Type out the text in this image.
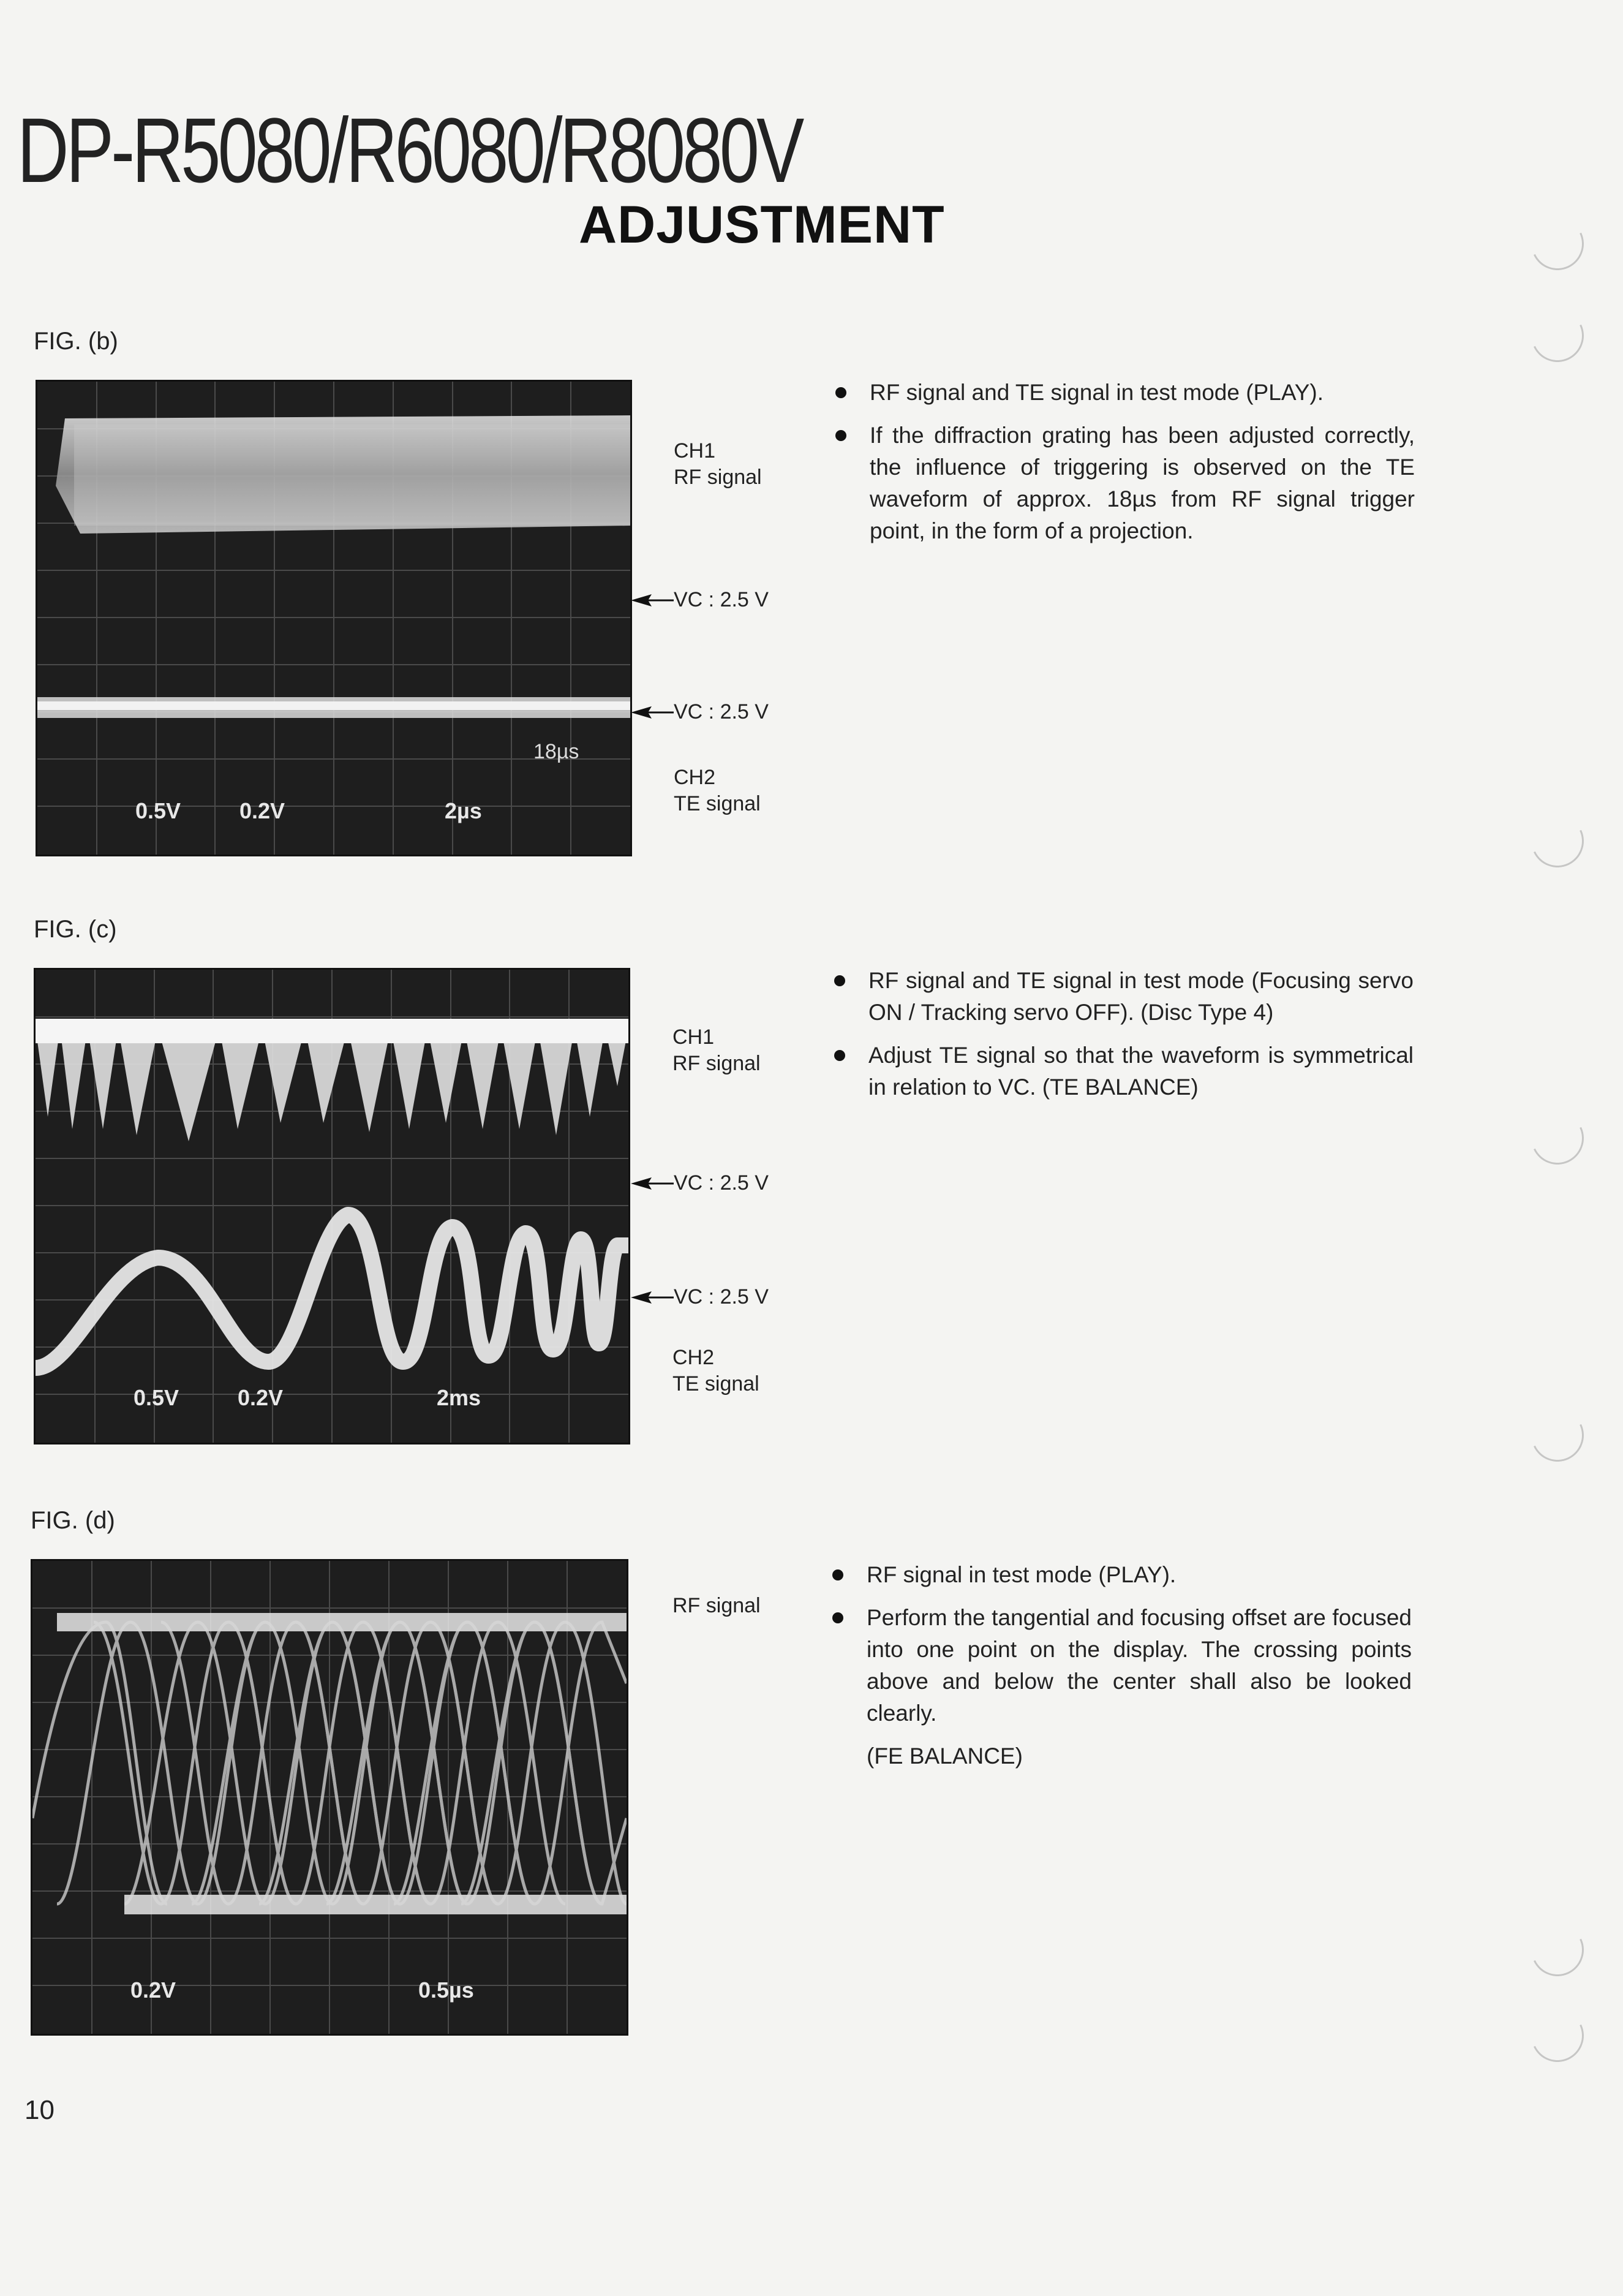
DP-R5080/R6080/R8080V
ADJUSTMENT
FIG. (b)
18µs
0.5V	0.2V	2µs
CH1
RF signal
VC : 2.5 V
VC : 2.5 V
CH2
TE signal
RF signal and TE signal in test mode (PLAY).
If the diffraction grating has been adjusted correctly, the influence of triggering is observed on the TE waveform of approx. 18µs from RF signal trigger point, in the form of a projection.
FIG. (c)
0.5V	0.2V	2ms
CH1
RF signal
VC : 2.5 V
VC : 2.5 V
CH2
TE signal
RF signal and TE signal in test mode (Focusing servo ON / Tracking servo OFF). (Disc Type 4)
Adjust TE signal so that the waveform is symmetrical in relation to VC. (TE BALANCE)
FIG. (d)
0.2V	0.5µs
RF signal
RF signal in test mode (PLAY).
Perform the tangential and focusing offset are focused into one point on the display. The crossing points above and below the center shall also be looked clearly.
(FE BALANCE)
10
